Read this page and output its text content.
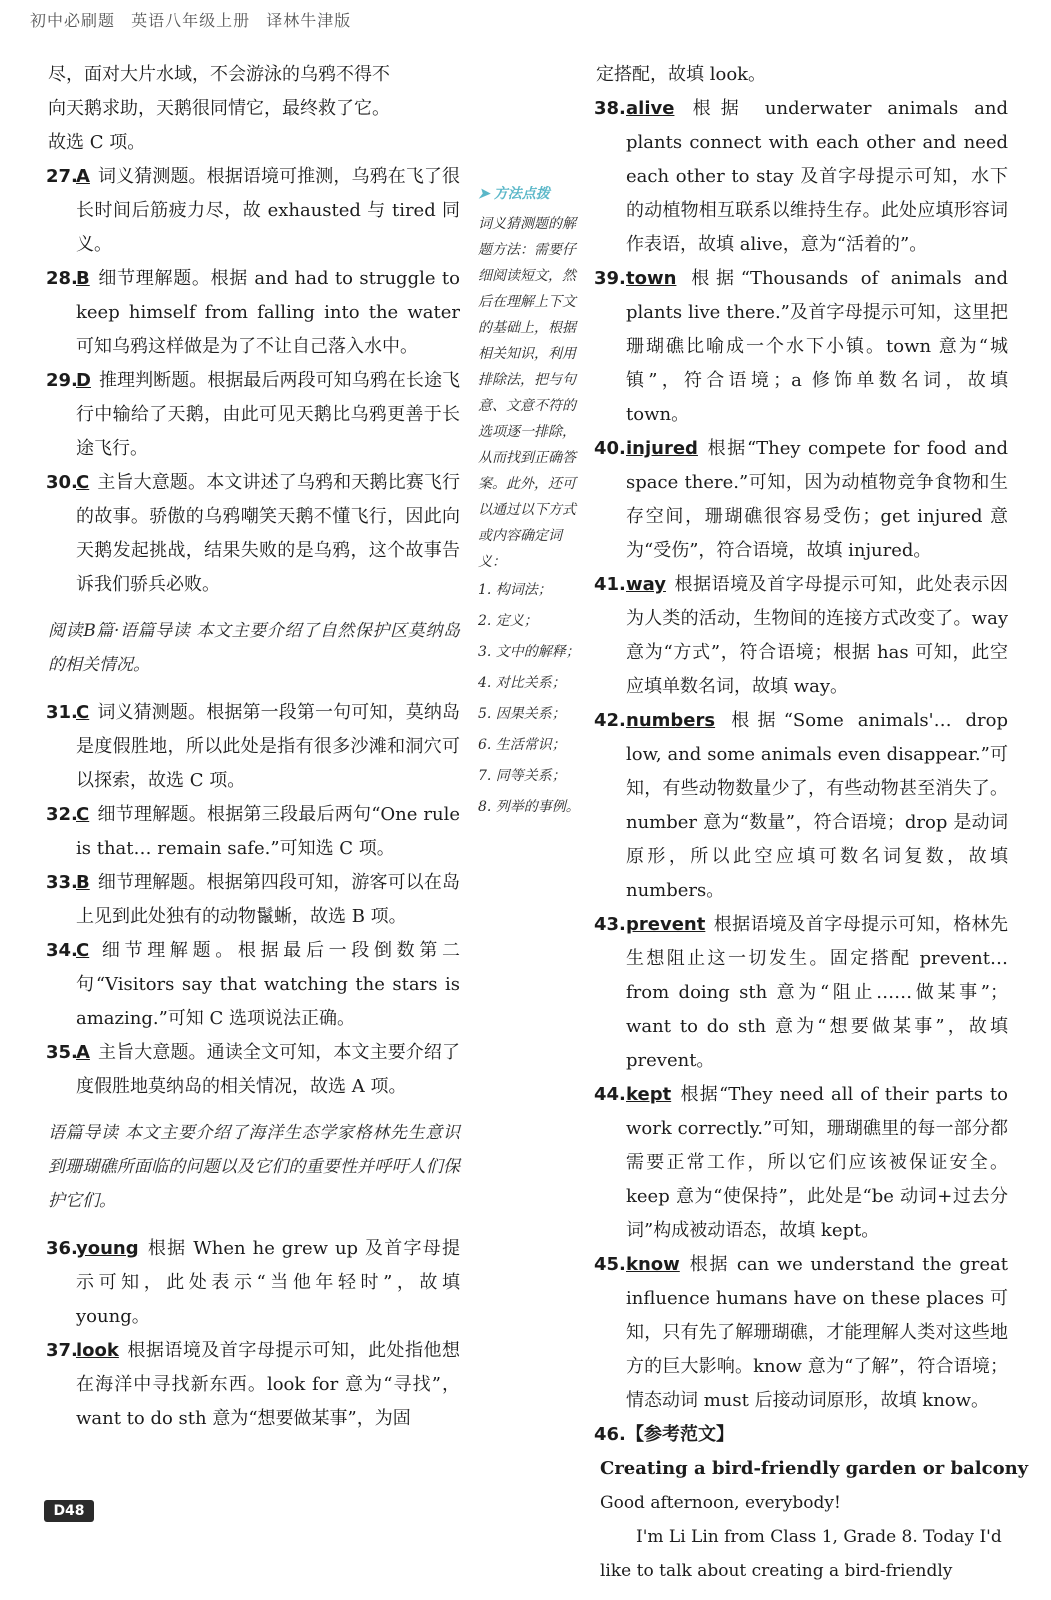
初中必刷题 英语八年级上册 译林牛津版

尽，面对大片水域，不会游泳的乌鸦不得不

向天鹅求助，天鹅很同情它，最终救了它。

故选 C 项。

27.
A 词义猜测题。根据语境可推测，乌鸦在飞了很长时间后筋疲力尽，故 exhausted 与 tired 同义。

28.
B 细节理解题。根据 and had to struggle to keep himself from falling into the water 可知乌鸦这样做是为了不让自己落入水中。

29.
D 推理判断题。根据最后两段可知乌鸦在长途飞行中输给了天鹅，由此可见天鹅比乌鸦更善于长途飞行。

30.
C 主旨大意题。本文讲述了乌鸦和天鹅比赛飞行的故事。骄傲的乌鸦嘲笑天鹅不懂飞行，因此向天鹅发起挑战，结果失败的是乌鸦，这个故事告诉我们骄兵必败。

阅读B篇·语篇导读 本文主要介绍了自然保护区莫纳岛的相关情况。

31.
C 词义猜测题。根据第一段第一句可知，莫纳岛是度假胜地，所以此处是指有很多沙滩和洞穴可以探索，故选 C 项。

32.
C 细节理解题。根据第三段最后两句“One rule is that… remain safe.”可知选 C 项。

33.
B 细节理解题。根据第四段可知，游客可以在岛上见到此处独有的动物鬣蜥，故选 B 项。

34.
C 细节理解题。根据最后一段倒数第二句“Visitors say that watching the stars is amazing.”可知 C 选项说法正确。

35.
A 主旨大意题。通读全文可知，本文主要介绍了度假胜地莫纳岛的相关情况，故选 A 项。

语篇导读 本文主要介绍了海洋生态学家格林先生意识到珊瑚礁所面临的问题以及它们的重要性并呼吁人们保护它们。

36.
young 根据 When he grew up 及首字母提示可知，此处表示“当他年轻时”，故填 young。

37.
look 根据语境及首字母提示可知，此处指他想在海洋中寻找新东西。look for 意为“寻找”，want to do sth 意为“想要做某事”，为固

➤ 方法点拨

词义猜测题的解题方法：需要仔细阅读短文，然后在理解上下文的基础上，根据相关知识，利用排除法，把与句意、文意不符的选项逐一排除，从而找到正确答案。此外，还可以通过以下方式或内容确定词义：

1. 构词法；
2. 定义；
3. 文中的解释；
4. 对比关系；
5. 因果关系；
6. 生活常识；
7. 同等关系；
8. 列举的事例。

定搭配，故填 look。

38. alive 根据 underwater animals and plants connect with each other and need each other to stay 及首字母提示可知，水下的动植物相互联系以维持生存。此处应填形容词作表语，故填 alive，意为“活着的”。

39. town 根据“Thousands of animals and plants live there.”及首字母提示可知，这里把珊瑚礁比喻成一个水下小镇。town 意为“城镇”，符合语境；a 修饰单数名词，故填 town。

40. injured 根据“They compete for food and space there.”可知，因为动植物竞争食物和生存空间，珊瑚礁很容易受伤；get injured 意为“受伤”，符合语境，故填 injured。

41. way 根据语境及首字母提示可知，此处表示因为人类的活动，生物间的连接方式改变了。way 意为“方式”，符合语境；根据 has 可知，此空应填单数名词，故填 way。

42. numbers 根据“Some animals'… drop low, and some animals even disappear.”可知，有些动物数量少了，有些动物甚至消失了。number 意为“数量”，符合语境；drop 是动词原形，所以此空应填可数名词复数，故填 numbers。

43. prevent 根据语境及首字母提示可知，格林先生想阻止这一切发生。固定搭配 prevent… from doing sth 意为“阻止……做某事”；want to do sth 意为“想要做某事”，故填 prevent。

44. kept 根据“They need all of their parts to work correctly.”可知，珊瑚礁里的每一部分都需要正常工作，所以它们应该被保证安全。keep 意为“使保持”，此处是“be 动词+过去分词”构成被动语态，故填 kept。

45. know 根据 can we understand the great influence humans have on these places 可知，只有先了解珊瑚礁，才能理解人类对这些地方的巨大影响。know 意为“了解”，符合语境；情态动词 must 后接动词原形，故填 know。

46. 【参考范文】

Creating a bird-friendly garden or balcony

Good afternoon, everybody!

I'm Li Lin from Class 1, Grade 8. Today I'd like to talk about creating a bird-friendly

D48
